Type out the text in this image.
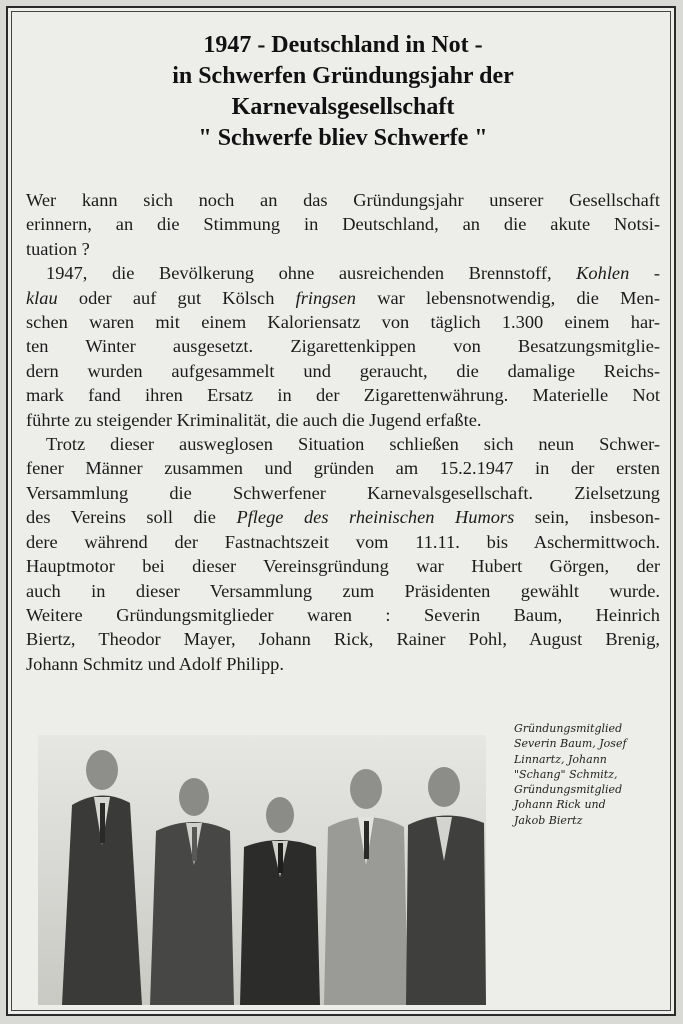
1947 - Deutschland in Not -
in Schwerfen Gründungsjahr der
Karnevalsgesellschaft
" Schwerfe bliev Schwerfe "

Wer kann sich noch an das Gründungsjahr unserer Gesellschaft
erinnern, an die Stimmung in Deutschland, an die akute Notsi-
tuation ?

1947, die Bevölkerung ohne ausreichenden Brennstoff, Kohlen -
klau oder auf gut Kölsch fringsen war lebensnotwendig, die Men-
schen waren mit einem Kaloriensatz von täglich 1.300 einem har-
ten Winter ausgesetzt. Zigarettenkippen von Besatzungsmitglie-
dern wurden aufgesammelt und geraucht, die damalige Reichs-
mark fand ihren Ersatz in der Zigarettenwährung. Materielle Not
führte zu steigender Kriminalität, die auch die Jugend erfaßte.

Trotz dieser ausweglosen Situation schließen sich neun Schwer-
fener Männer zusammen und gründen am 15.2.1947 in der ersten
Versammlung die Schwerfener Karnevalsgesellschaft. Zielsetzung
des Vereins soll die Pflege des rheinischen Humors sein, insbeson-
dere während der Fastnachtszeit vom 11.11. bis Aschermittwoch.
Hauptmotor bei dieser Vereinsgründung war Hubert Görgen, der
auch in dieser Versammlung zum Präsidenten gewählt wurde.
Weitere Gründungsmitglieder waren : Severin Baum, Heinrich
Biertz, Theodor Mayer, Johann Rick, Rainer Pohl, August Brenig,
Johann Schmitz und Adolf Philipp.

Gründungsmitglied
Severin Baum, Josef
Linnartz, Johann
"Schang" Schmitz,
Gründungsmitglied
Johann Rick und
Jakob Biertz
